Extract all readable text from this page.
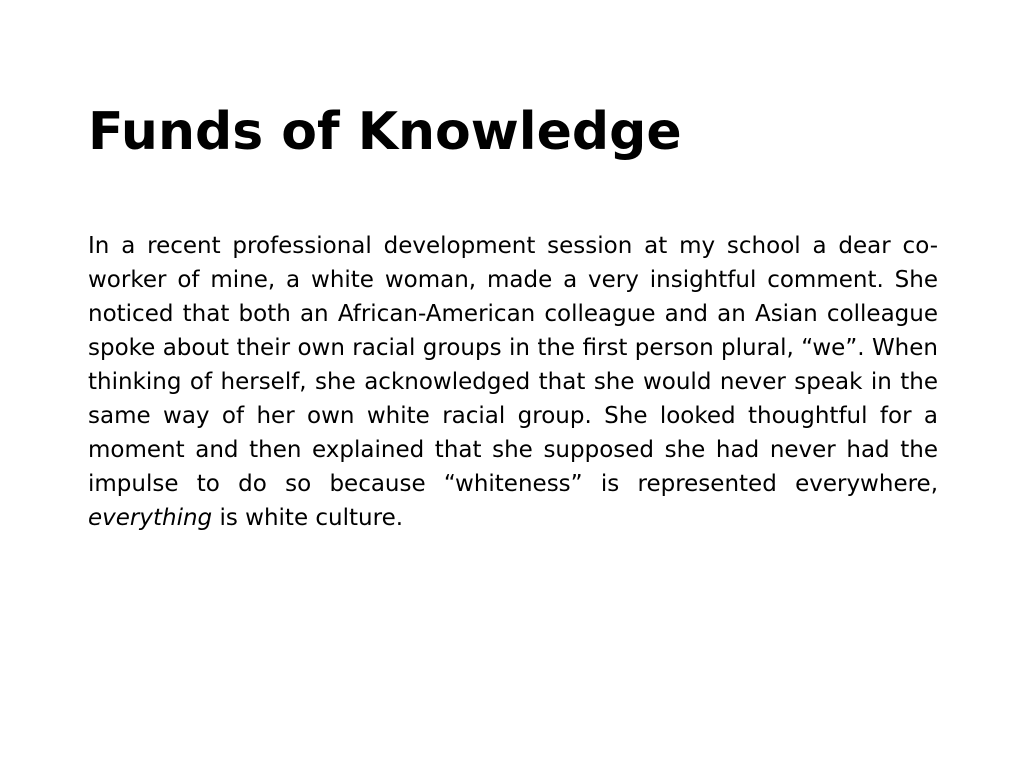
Funds of Knowledge

In a recent professional development session at my school a dear co-worker of mine, a white woman, made a very insightful comment. She noticed that both an African-American colleague and an Asian colleague spoke about their own racial groups in the first person plural, “we”. When thinking of herself, she acknowledged that she would never speak in the same way of her own white racial group. She looked thoughtful for a moment and then explained that she supposed she had never had the impulse to do so because “whiteness” is represented everywhere, everything is white culture.
